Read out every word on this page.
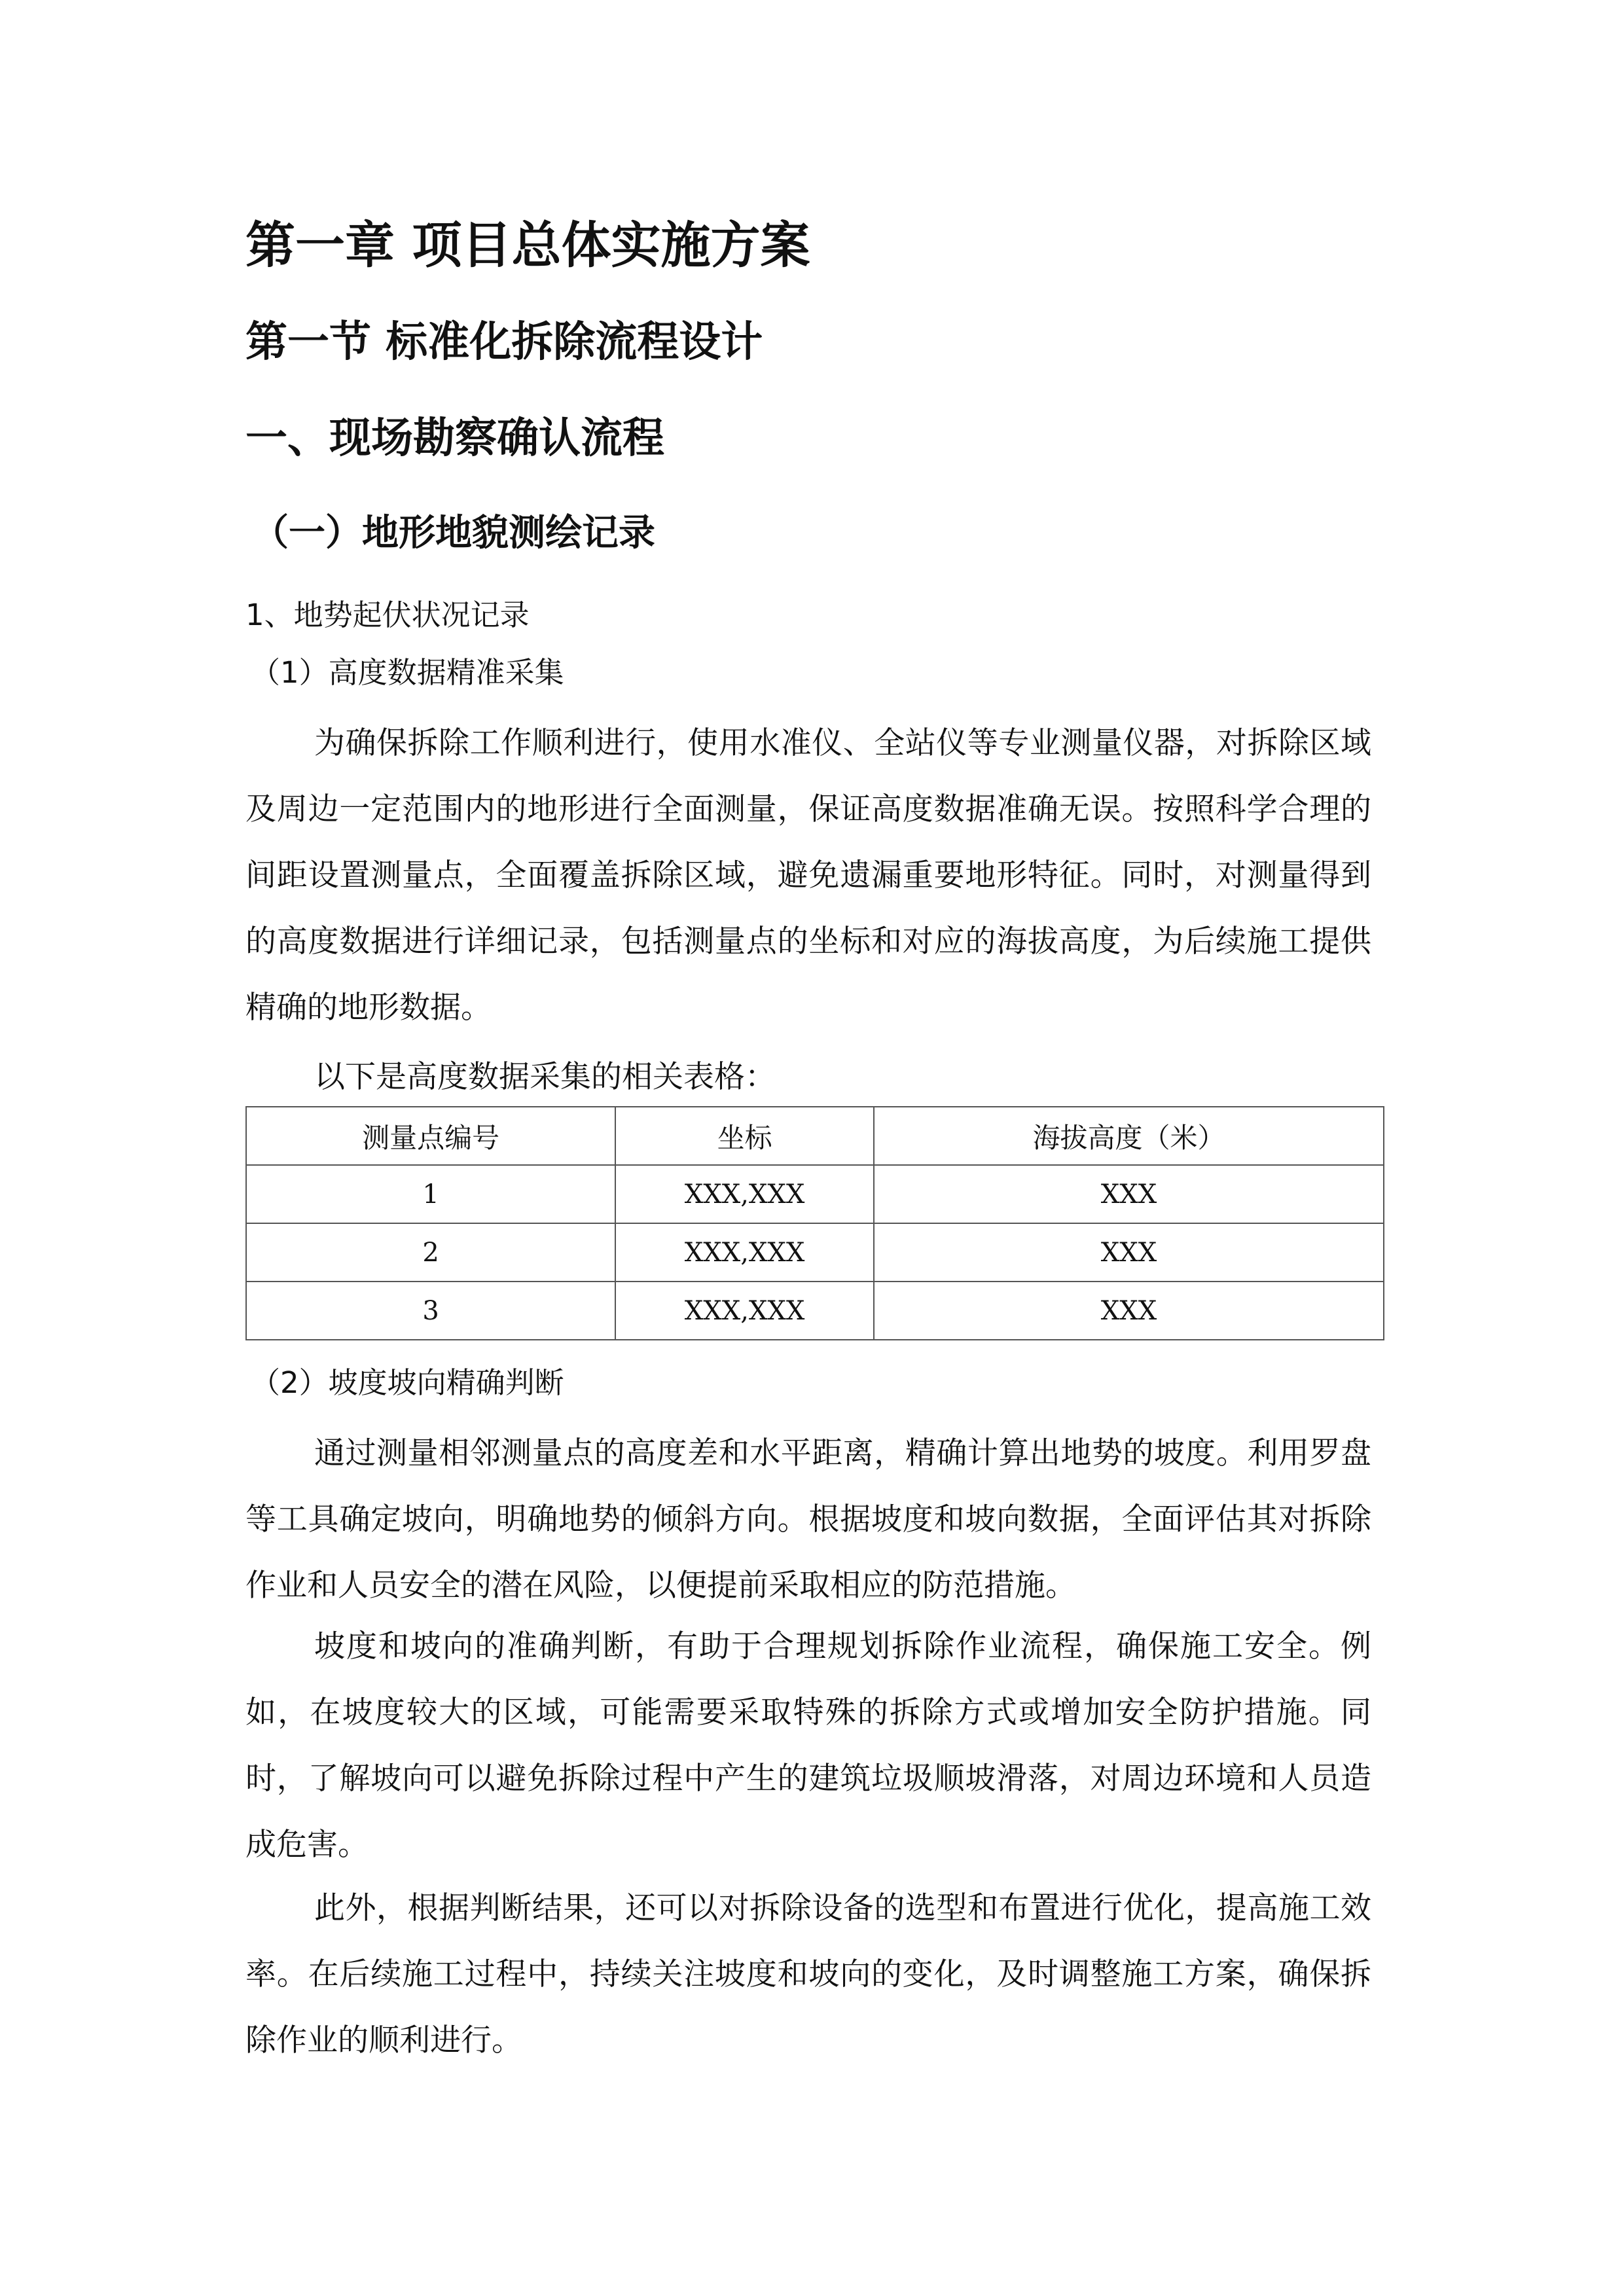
第一章 项目总体实施方案
第一节 标准化拆除流程设计
一、现场勘察确认流程
（一）地形地貌测绘记录
1、地势起伏状况记录
（1）高度数据精准采集

为确保拆除工作顺利进行，使用水准仪、全站仪等专业测量仪器，对拆除区域及周边一定范围内的地形进行全面测量，保证高度数据准确无误。按照科学合理的间距设置测量点，全面覆盖拆除区域，避免遗漏重要地形特征。同时，对测量得到的高度数据进行详细记录，包括测量点的坐标和对应的海拔高度，为后续施工提供精确的地形数据。

以下是高度数据采集的相关表格：

测量点编号	坐标	海拔高度（米）
1	XXX,XXX	XXX
2	XXX,XXX	XXX
3	XXX,XXX	XXX
（2）坡度坡向精确判断

通过测量相邻测量点的高度差和水平距离，精确计算出地势的坡度。利用罗盘等工具确定坡向，明确地势的倾斜方向。根据坡度和坡向数据，全面评估其对拆除作业和人员安全的潜在风险，以便提前采取相应的防范措施。

坡度和坡向的准确判断，有助于合理规划拆除作业流程，确保施工安全。例如，在坡度较大的区域，可能需要采取特殊的拆除方式或增加安全防护措施。同时，了解坡向可以避免拆除过程中产生的建筑垃圾顺坡滑落，对周边环境和人员造成危害。

此外，根据判断结果，还可以对拆除设备的选型和布置进行优化，提高施工效率。在后续施工过程中，持续关注坡度和坡向的变化，及时调整施工方案，确保拆除作业的顺利进行。
